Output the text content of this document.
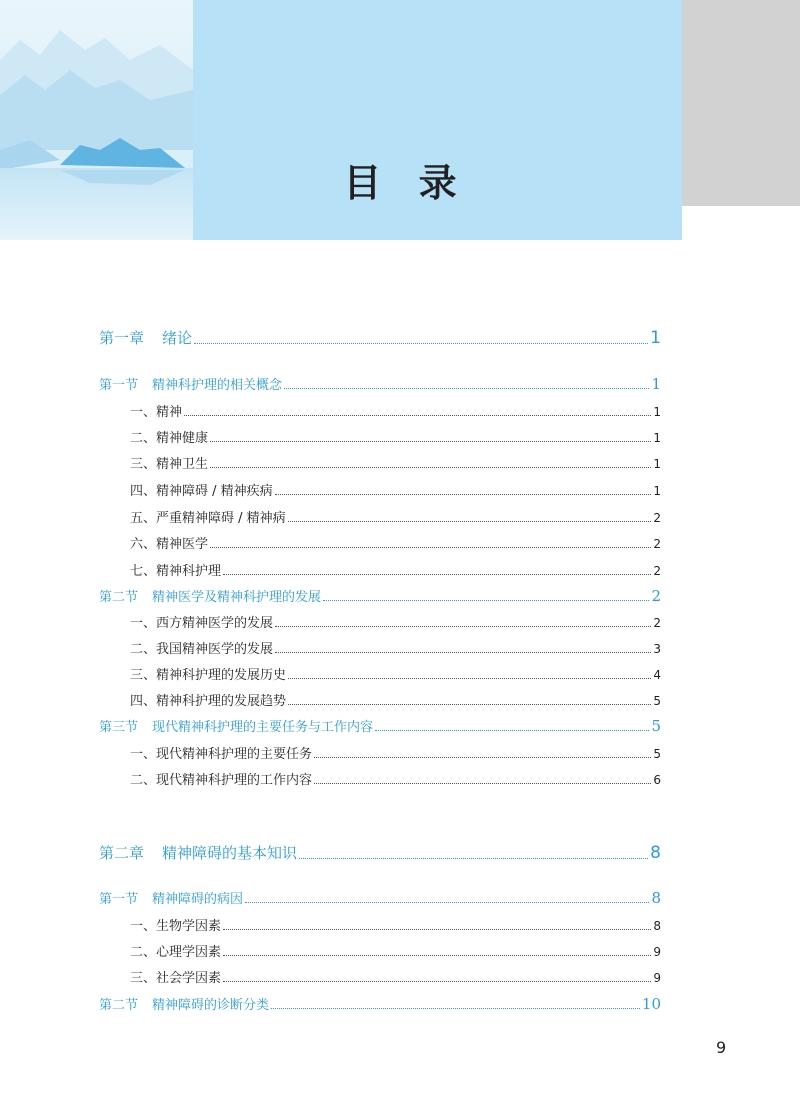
目 录
第一章 绪论	1
第一节 精神科护理的相关概念	1
一、精神	1
二、精神健康	1
三、精神卫生	1
四、精神障碍 / 精神疾病	1
五、严重精神障碍 / 精神病	2
六、精神医学	2
七、精神科护理	2
第二节 精神医学及精神科护理的发展	2
一、西方精神医学的发展	2
二、我国精神医学的发展	3
三、精神科护理的发展历史	4
四、精神科护理的发展趋势	5
第三节 现代精神科护理的主要任务与工作内容	5
一、现代精神科护理的主要任务	5
二、现代精神科护理的工作内容	6
第二章 精神障碍的基本知识	8
第一节 精神障碍的病因	8
一、生物学因素	8
二、心理学因素	9
三、社会学因素	9
第二节 精神障碍的诊断分类	10
9
